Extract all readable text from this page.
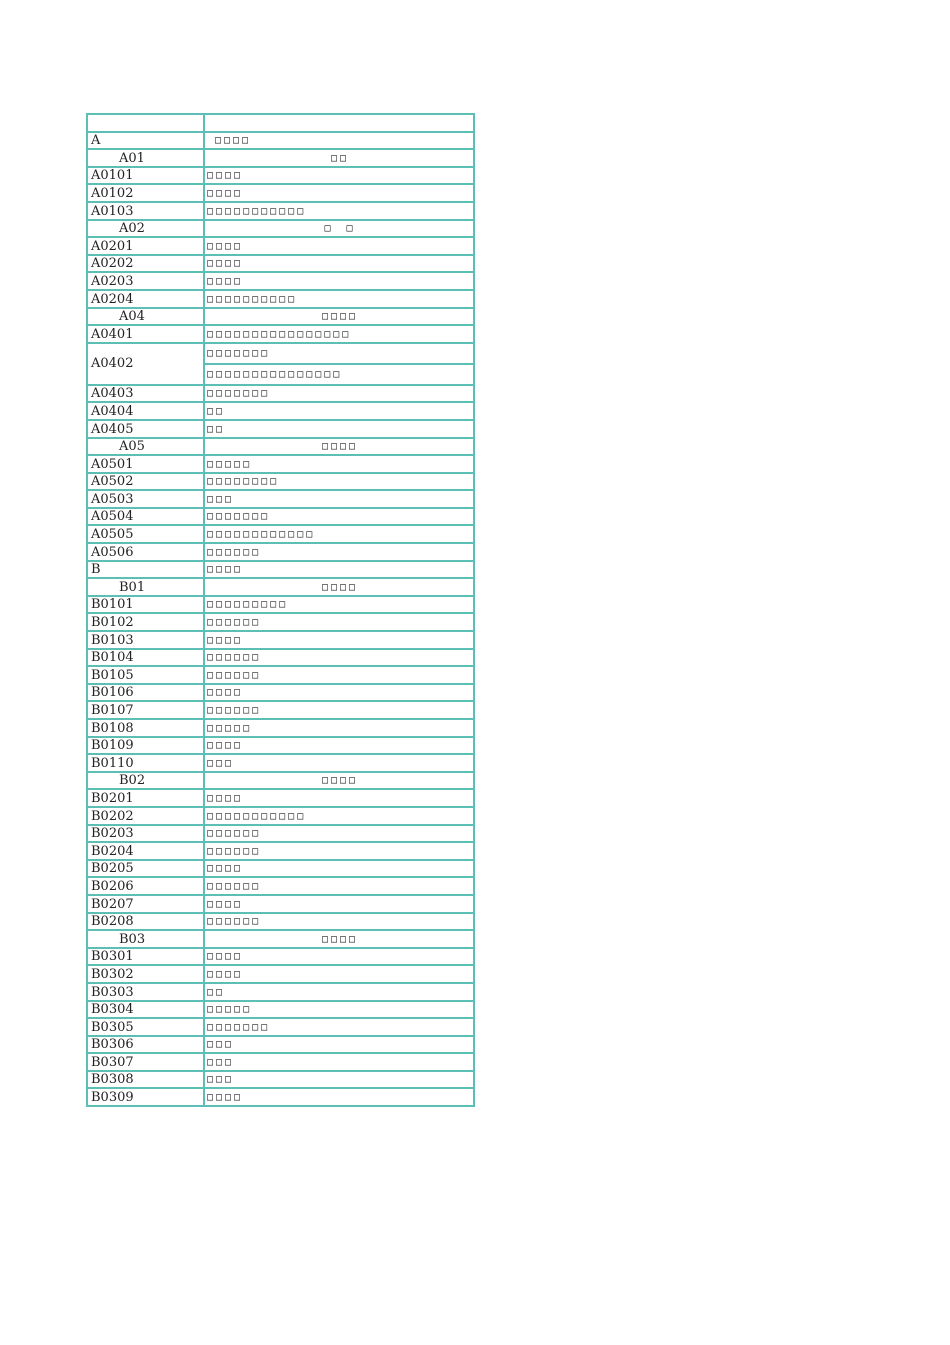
A	□□□□
A01	□□
A0101	□□□□
A0102	□□□□
A0103	□□□□□□□□□□□
A02	□　□
A0201	□□□□
A0202	□□□□
A0203	□□□□
A0204	□□□□□□□□□□
A04	□□□□
A0401	□□□□□□□□□□□□□□□□
A0402	□□□□□□□
□□□□□□□□□□□□□□□

A0403	□□□□□□□
A0404	□□
A0405	□□
A05	□□□□
A0501	□□□□□
A0502	□□□□□□□□
A0503	□□□
A0504	□□□□□□□
A0505	□□□□□□□□□□□□
A0506	□□□□□□
B	□□□□
B01	□□□□
B0101	□□□□□□□□□
B0102	□□□□□□
B0103	□□□□
B0104	□□□□□□
B0105	□□□□□□
B0106	□□□□
B0107	□□□□□□
B0108	□□□□□
B0109	□□□□
B0110	□□□
B02	□□□□
B0201	□□□□
B0202	□□□□□□□□□□□
B0203	□□□□□□
B0204	□□□□□□
B0205	□□□□
B0206	□□□□□□
B0207	□□□□
B0208	□□□□□□
B03	□□□□
B0301	□□□□
B0302	□□□□
B0303	□□
B0304	□□□□□
B0305	□□□□□□□
B0306	□□□
B0307	□□□
B0308	□□□
B0309	□□□□
